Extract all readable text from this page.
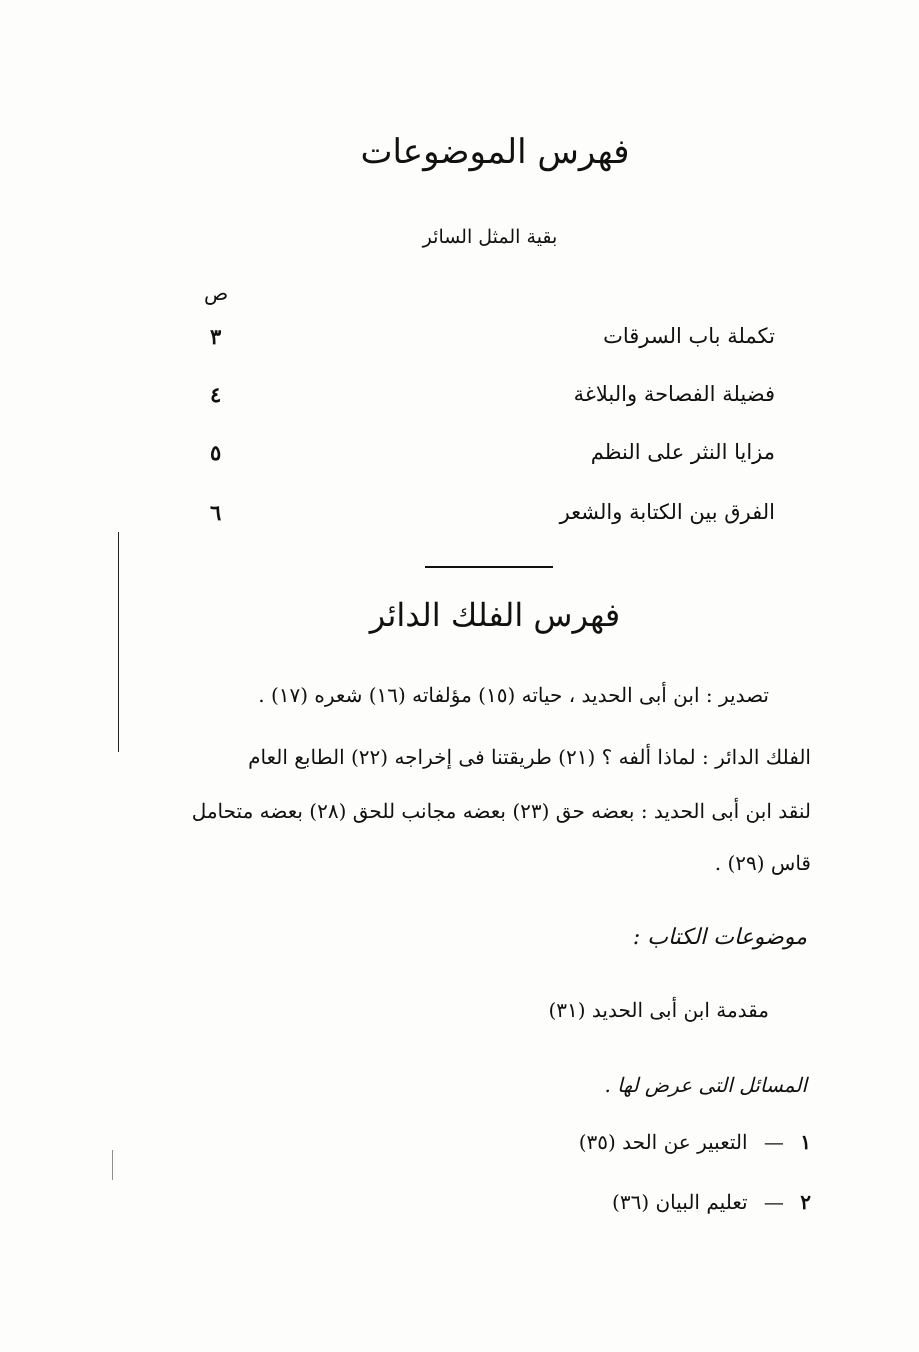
فهرس الموضوعات
بقية المثل السائر
ص
تكملة باب السرقات
٣
فضيلة الفصاحة والبلاغة
٤
مزايا النثر على النظم
٥
الفرق بين الكتابة والشعر
٦
فهرس الفلك الدائر
تصدير : ابن أبى الحديد ، حياته (١٥) مؤلفاته (١٦) شعره (١٧) .
الفلك الدائر : لماذا ألفه ؟ (٢١) طريقتنا فى إخراجه (٢٢) الطابع العام
لنقد ابن أبى الحديد : بعضه حق (٢٣) بعضه مجانب للحق (٢٨) بعضه متحامل
قاس (٢٩) .
موضوعات الكتاب :
مقدمة ابن أبى الحديد (٣١)
المسائل التى عرض لها .
١ — التعبير عن الحد (٣٥)
٢ — تعليم البيان (٣٦)
